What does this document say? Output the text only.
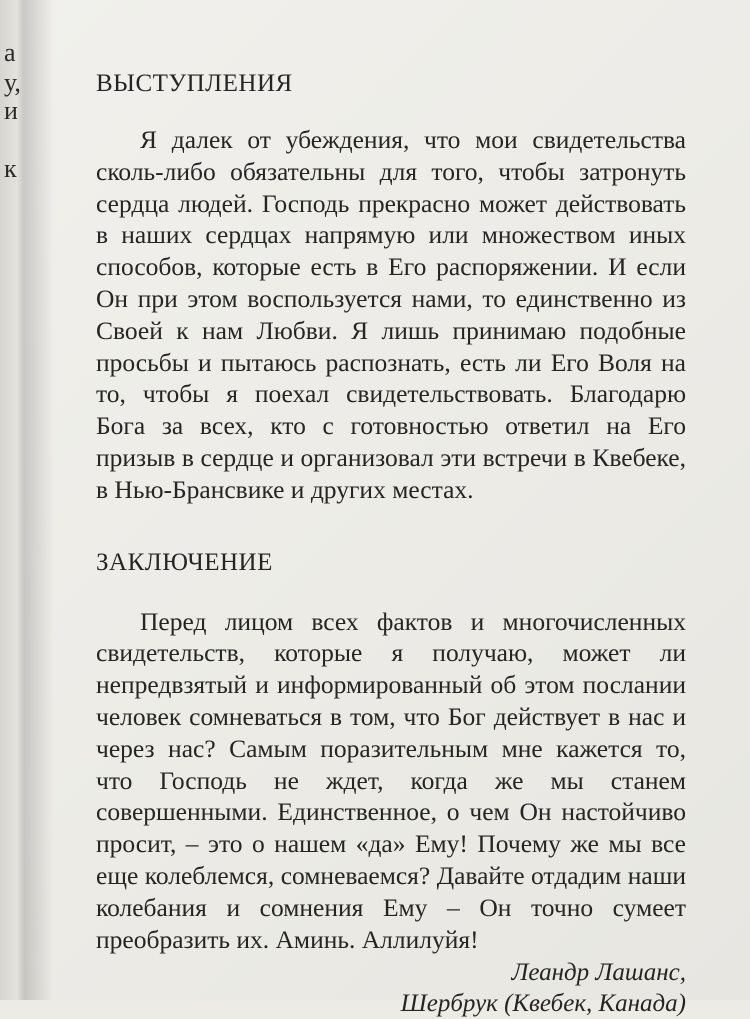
а
у,
и
к
ВЫСТУПЛЕНИЯ

Я далек от убеждения, что мои свидетельства сколь-либо обязательны для того, чтобы затронуть сердца людей. Господь прекрасно может действовать в наших сердцах напрямую или множеством иных способов, которые есть в Его распоряжении. И если Он при этом воспользуется нами, то единственно из Своей к нам Любви. Я лишь принимаю подобные просьбы и пытаюсь распознать, есть ли Его Воля на то, чтобы я поехал свидетельствовать. Благодарю Бога за всех, кто с готовностью ответил на Его призыв в сердце и организовал эти встречи в Квебеке, в Нью-Брансвике и других местах.

ЗАКЛЮЧЕНИЕ

Перед лицом всех фактов и многочисленных свидетельств, которые я получаю, может ли непредвзятый и информированный об этом послании человек сомневаться в том, что Бог действует в нас и через нас? Самым поразительным мне кажется то, что Господь не ждет, когда же мы станем совершенными. Единственное, о чем Он настойчиво просит, – это о нашем «да» Ему! Почему же мы все еще колеблемся, сомневаемся? Давайте отдадим наши колебания и сомнения Ему – Он точно сумеет преобразить их. Аминь. Аллилуйя!

Леандр Лашанс,
Шербрук (Квебек, Канада)
